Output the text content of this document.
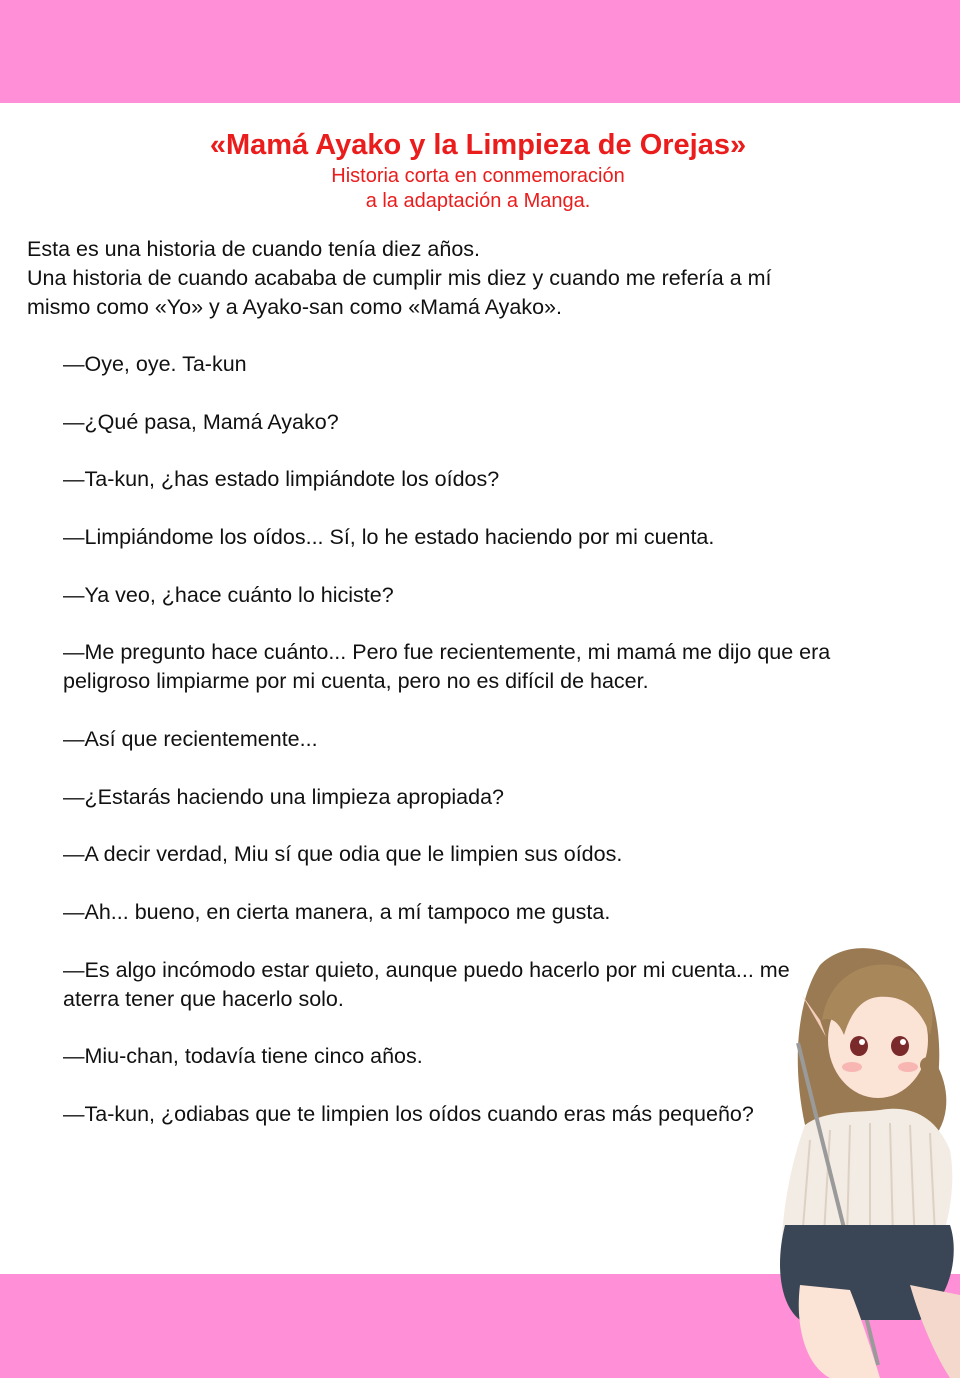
«Mamá Ayako y la Limpieza de Orejas»
Historia corta en conmemoración
a la adaptación a Manga.
Esta es una historia de cuando tenía diez años.
Una historia de cuando acababa de cumplir mis diez y cuando me refería a mí
mismo como «Yo» y a Ayako-san como «Mamá Ayako».
—Oye, oye. Ta-kun
—¿Qué pasa, Mamá Ayako?
—Ta-kun, ¿has estado limpiándote los oídos?
—Limpiándome los oídos... Sí, lo he estado haciendo por mi cuenta.
—Ya veo, ¿hace cuánto lo hiciste?
—Me pregunto hace cuánto... Pero fue recientemente, mi mamá me dijo que era
peligroso limpiarme por mi cuenta, pero no es difícil de hacer.
—Así que recientemente...
—¿Estarás haciendo una limpieza apropiada?
—A decir verdad, Miu sí que odia que le limpien sus oídos.
—Ah... bueno, en cierta manera, a mí tampoco me gusta.
—Es algo incómodo estar quieto, aunque puedo hacerlo por mi cuenta... me
aterra tener que hacerlo solo.
—Miu-chan, todavía tiene cinco años.
—Ta-kun, ¿odiabas que te limpien los oídos cuando eras más pequeño?
